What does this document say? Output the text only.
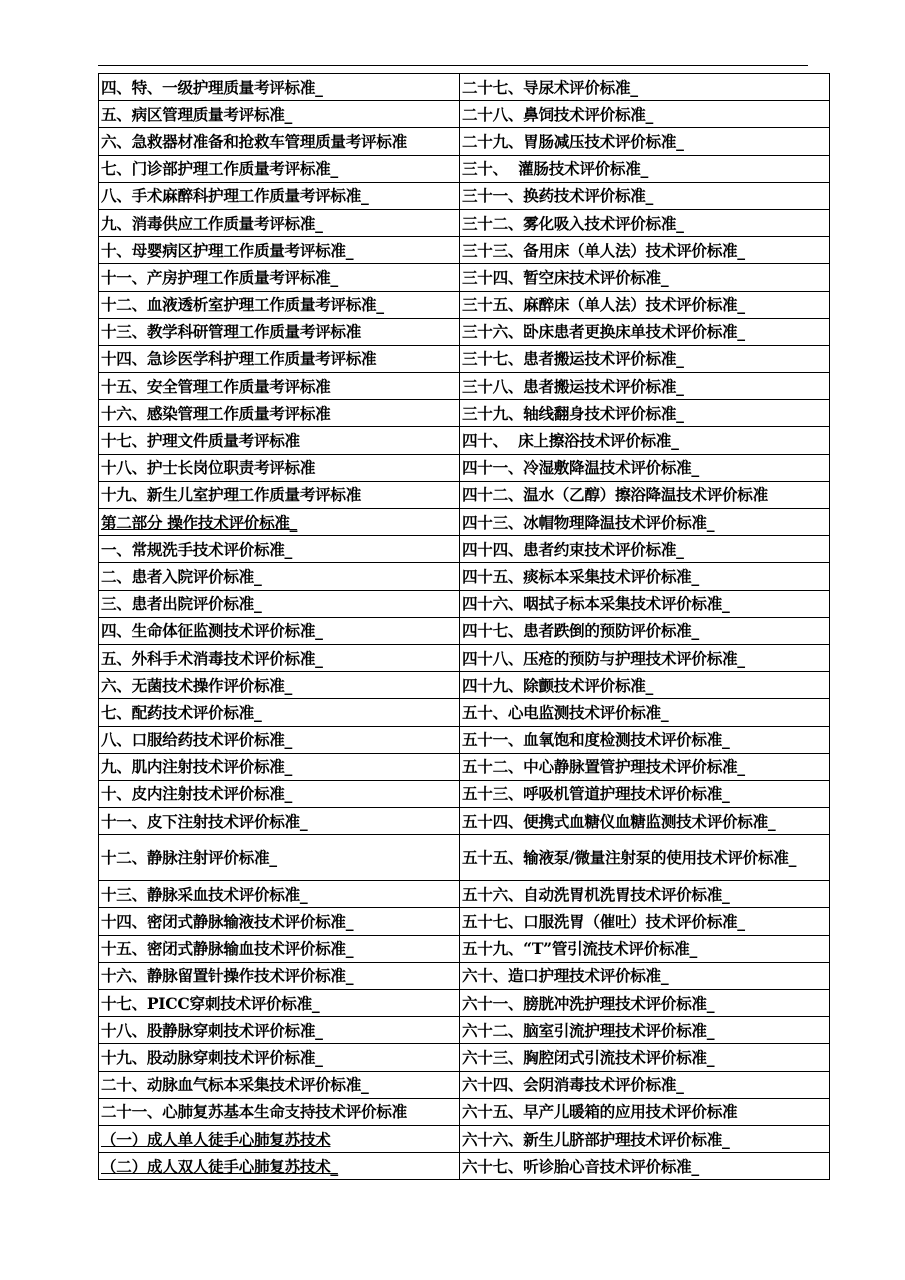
四、特、一级护理质量考评标准_	二十七、导尿术评价标准_
五、病区管理质量考评标准_	二十八、鼻饲技术评价标准_
六、急救器材准备和抢救车管理质量考评标准	二十九、胃肠减压技术评价标准_
七、门诊部护理工作质量考评标准_	三十、  灌肠技术评价标准_
八、手术麻醉科护理工作质量考评标准_	三十一、换药技术评价标准_
九、消毒供应工作质量考评标准_	三十二、雾化吸入技术评价标准_
十、母婴病区护理工作质量考评标准_	三十三、备用床（单人法）技术评价标准_
十一、产房护理工作质量考评标准_	三十四、暂空床技术评价标准_
十二、血液透析室护理工作质量考评标准_	三十五、麻醉床（单人法）技术评价标准_
十三、教学科研管理工作质量考评标准	三十六、卧床患者更换床单技术评价标准_
十四、急诊医学科护理工作质量考评标准	三十七、患者搬运技术评价标准_
十五、安全管理工作质量考评标准	三十八、患者搬运技术评价标准_
十六、感染管理工作质量考评标准	三十九、轴线翻身技术评价标准_
十七、护理文件质量考评标准	四十、  床上擦浴技术评价标准_
十八、护士长岗位职责考评标准	四十一、冷湿敷降温技术评价标准_
十九、新生儿室护理工作质量考评标准	四十二、温水（乙醇）擦浴降温技术评价标准
第二部分 操作技术评价标准_	四十三、冰帽物理降温技术评价标准_
一、常规洗手技术评价标准_	四十四、患者约束技术评价标准_
二、患者入院评价标准_	四十五、痰标本采集技术评价标准_
三、患者出院评价标准_	四十六、咽拭子标本采集技术评价标准_
四、生命体征监测技术评价标准_	四十七、患者跌倒的预防评价标准_
五、外科手术消毒技术评价标准_	四十八、压疮的预防与护理技术评价标准_
六、无菌技术操作评价标准_	四十九、除颤技术评价标准_
七、配药技术评价标准_	五十、心电监测技术评价标准_
八、口服给药技术评价标准_	五十一、血氧饱和度检测技术评价标准_
九、肌内注射技术评价标准_	五十二、中心静脉置管护理技术评价标准_
十、皮内注射技术评价标准_	五十三、呼吸机管道护理技术评价标准_
十一、皮下注射技术评价标准_	五十四、便携式血糖仪血糖监测技术评价标准_
十二、静脉注射评价标准_	五十五、输液泵/微量注射泵的使用技术评价标准_
十三、静脉采血技术评价标准_	五十六、自动洗胃机洗胃技术评价标准_
十四、密闭式静脉输液技术评价标准_	五十七、口服洗胃（催吐）技术评价标准_
十五、密闭式静脉输血技术评价标准_	五十九、“T”管引流技术评价标准_
十六、静脉留置针操作技术评价标准_	六十、造口护理技术评价标准_
十七、PICC穿刺技术评价标准_	六十一、膀胱冲洗护理技术评价标准_
十八、股静脉穿刺技术评价标准_	六十二、脑室引流护理技术评价标准_
十九、股动脉穿刺技术评价标准_	六十三、胸腔闭式引流技术评价标准_
二十、动脉血气标本采集技术评价标准_	六十四、会阴消毒技术评价标准_
二十一、心肺复苏基本生命支持技术评价标准	六十五、早产儿暖箱的应用技术评价标准
（一）成人单人徒手心肺复苏技术	六十六、新生儿脐部护理技术评价标准_
（二）成人双人徒手心肺复苏技术_	六十七、听诊胎心音技术评价标准_
